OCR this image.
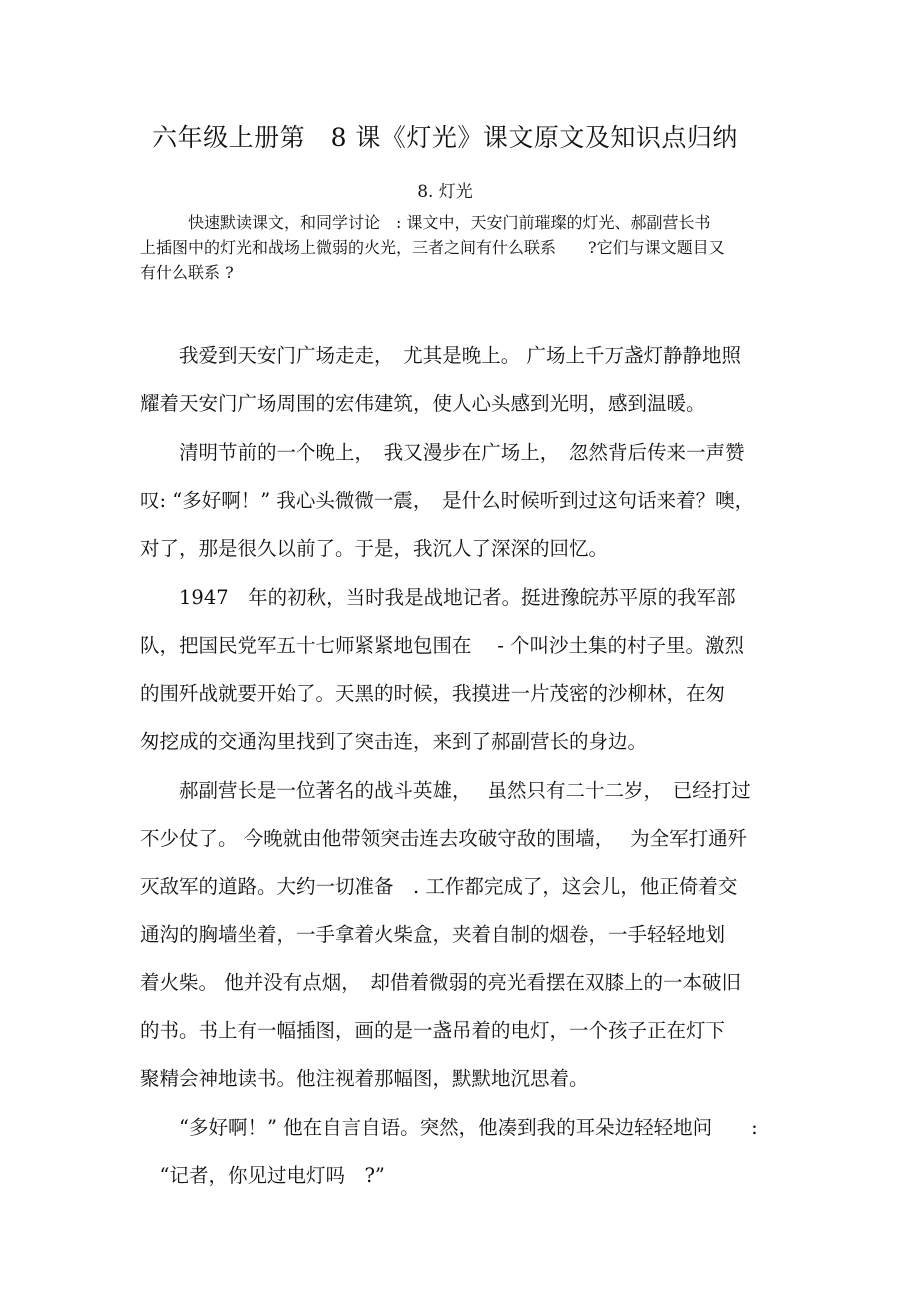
六年级上册第　8 课《灯光》课文原文及知识点归纳
8. 灯光
　　　快速默读课文，和同学讨论　: 课文中，天安门前璀璨的灯光、郝副营长书
上插图中的灯光和战场上微弱的火光，三者之间有什么联系　　?它们与课文题目又
有什么联系 ?
　　我爱到天安门广场走走，　尤其是晚上。 广场上千万盏灯静静地照
耀着天安门广场周围的宏伟建筑，使人心头感到光明，感到温暖。
　　清明节前的一个晚上，　我又漫步在广场上，　忽然背后传来一声赞
叹: “多好啊！” 我心头微微一震，　是什么时候听到过这句话来着？噢，
对了，那是很久以前了。于是，我沉人了深深的回忆。
　　1947　年的初秋，当时我是战地记者。挺进豫皖苏平原的我军部
队，把国民党军五十七师紧紧地包围在　 - 个叫沙土集的村子里。激烈
的围歼战就要开始了。天黑的时候，我摸进一片茂密的沙柳林，在匆
匆挖成的交通沟里找到了突击连，来到了郝副营长的身边。
　　郝副营长是一位著名的战斗英雄，　 虽然只有二十二岁，　已经打过
不少仗了。 今晚就由他带领突击连去攻破守敌的围墙，　 为全军打通歼
灭敌军的道路。大约一切准备　. 工作都完成了，这会儿，他正倚着交
通沟的胸墙坐着，一手拿着火柴盒，夹着自制的烟卷，一手轻轻地划
着火柴。 他并没有点烟，　却借着微弱的亮光看摆在双膝上的一本破旧
的书。书上有一幅插图，画的是一盏吊着的电灯，一个孩子正在灯下
聚精会神地读书。他注视着那幅图，默默地沉思着。
　　“多好啊！” 他在自言自语。突然，他凑到我的耳朵边轻轻地问　　:
　“记者，你见过电灯吗　?”
